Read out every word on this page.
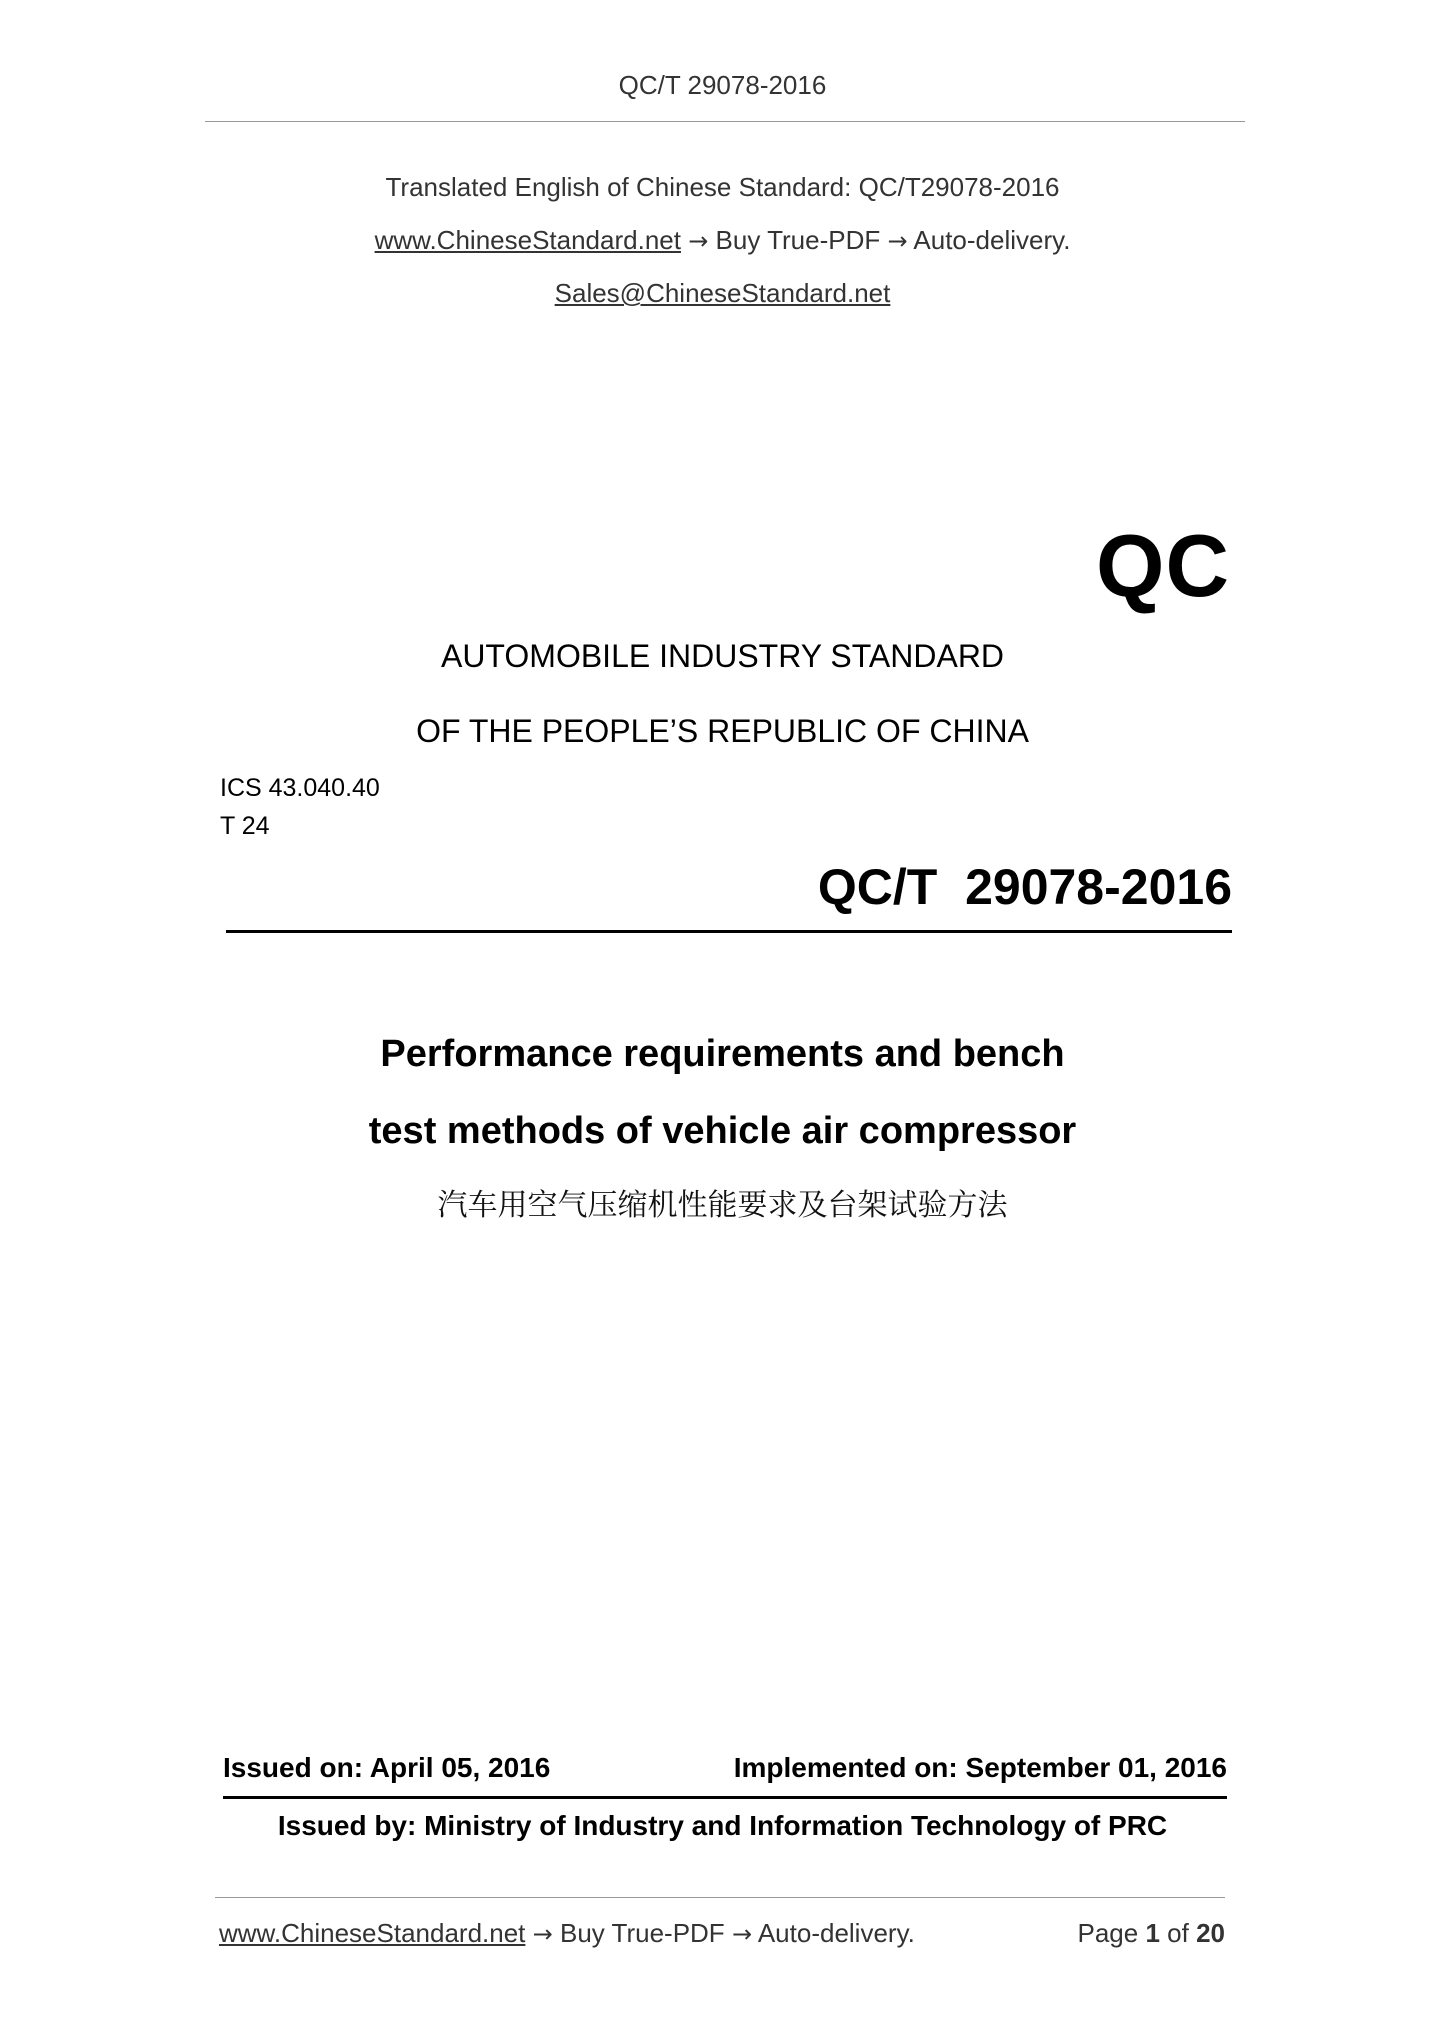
QC/T 29078-2016
Translated English of Chinese Standard: QC/T29078-2016
www.ChineseStandard.net → Buy True-PDF → Auto-delivery.
Sales@ChineseStandard.net
QC
AUTOMOBILE INDUSTRY STANDARD
OF THE PEOPLE’S REPUBLIC OF CHINA
ICS 43.040.40
T 24
QC/T  29078-2016
Performance requirements and bench
test methods of vehicle air compressor
汽车用空气压缩机性能要求及台架试验方法
Issued on: April 05, 2016	Implemented on: September 01, 2016
Issued by: Ministry of Industry and Information Technology of PRC
www.ChineseStandard.net → Buy True-PDF → Auto-delivery.	Page 1 of 20
